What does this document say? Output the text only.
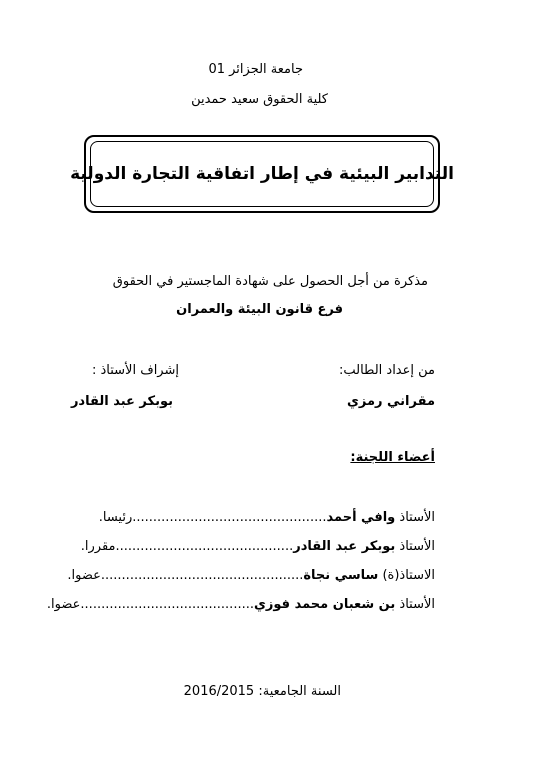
جامعة الجزائر 01
كلية الحقوق سعيد حمدين
التدابير البيئية في إطار اتفاقية التجارة الدولية
مذكرة من أجل الحصول على شهادة الماجستير في الحقوق
فرع قانون البيئة والعمران
من إعداد الطالب:
مقراني رمزي
إشراف الأستاذ :
بوبكر عبد القادر
أعضاء اللجنة:
الأستاذ وافي أحمد...............................................رئيسا.
الأستاذ بوبكر عبد القادر...........................................مقررا.
الاستاذ(ة) ساسي نجاة.................................................عضوا.
الأستاذ بن شعبان محمد فوزي..........................................عضوا.
السنة الجامعية: 2016/2015
